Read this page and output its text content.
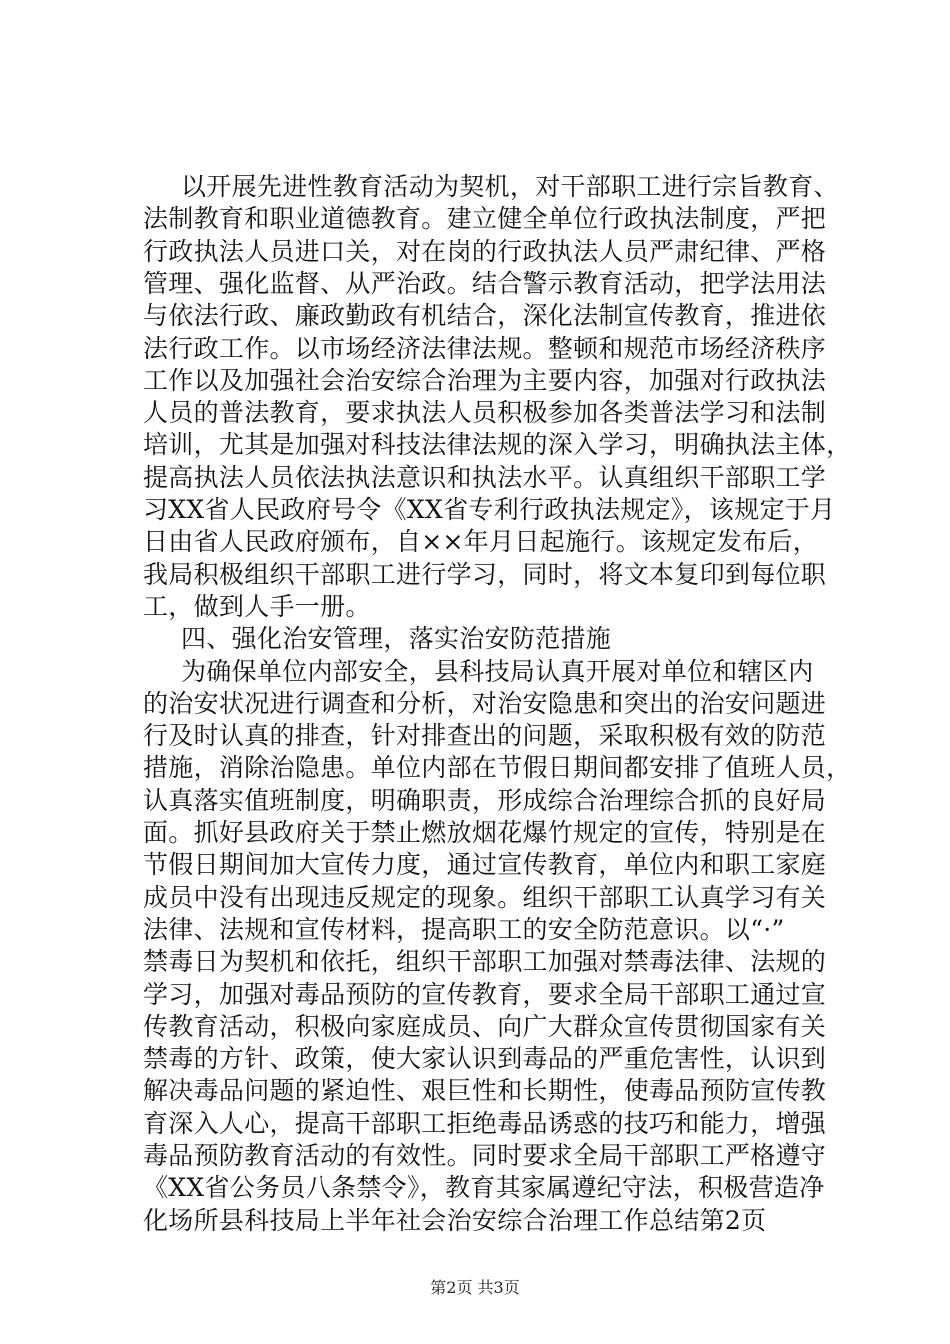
以开展先进性教育活动为契机，对干部职工进行宗旨教育、
法制教育和职业道德教育。建立健全单位行政执法制度，严把
行政执法人员进口关，对在岗的行政执法人员严肃纪律、严格
管理、强化监督、从严治政。结合警示教育活动，把学法用法
与依法行政、廉政勤政有机结合，深化法制宣传教育，推进依
法行政工作。以市场经济法律法规。整顿和规范市场经济秩序
工作以及加强社会治安综合治理为主要内容，加强对行政执法
人员的普法教育，要求执法人员积极参加各类普法学习和法制
培训，尤其是加强对科技法律法规的深入学习，明确执法主体，
提高执法人员依法执法意识和执法水平。认真组织干部职工学
习XX省人民政府号令《XX省专利行政执法规定》，该规定于月
日由省人民政府颁布，自××年月日起施行。该规定发布后，
我局积极组织干部职工进行学习，同时，将文本复印到每位职
工，做到人手一册。
四、强化治安管理，落实治安防范措施
为确保单位内部安全，县科技局认真开展对单位和辖区内
的治安状况进行调查和分析，对治安隐患和突出的治安问题进
行及时认真的排查，针对排查出的问题，采取积极有效的防范
措施，消除治隐患。单位内部在节假日期间都安排了值班人员，
认真落实值班制度，明确职责，形成综合治理综合抓的良好局
面。抓好县政府关于禁止燃放烟花爆竹规定的宣传，特别是在
节假日期间加大宣传力度，通过宣传教育，单位内和职工家庭
成员中没有出现违反规定的现象。组织干部职工认真学习有关
法律、法规和宣传材料，提高职工的安全防范意识。以“·”
禁毒日为契机和依托，组织干部职工加强对禁毒法律、法规的
学习，加强对毒品预防的宣传教育，要求全局干部职工通过宣
传教育活动，积极向家庭成员、向广大群众宣传贯彻国家有关
禁毒的方针、政策，使大家认识到毒品的严重危害性，认识到
解决毒品问题的紧迫性、艰巨性和长期性，使毒品预防宣传教
育深入人心，提高干部职工拒绝毒品诱惑的技巧和能力，增强
毒品预防教育活动的有效性。同时要求全局干部职工严格遵守
《XX省公务员八条禁令》，教育其家属遵纪守法，积极营造净
化场所县科技局上半年社会治安综合治理工作总结第2页
第2页 共3页
